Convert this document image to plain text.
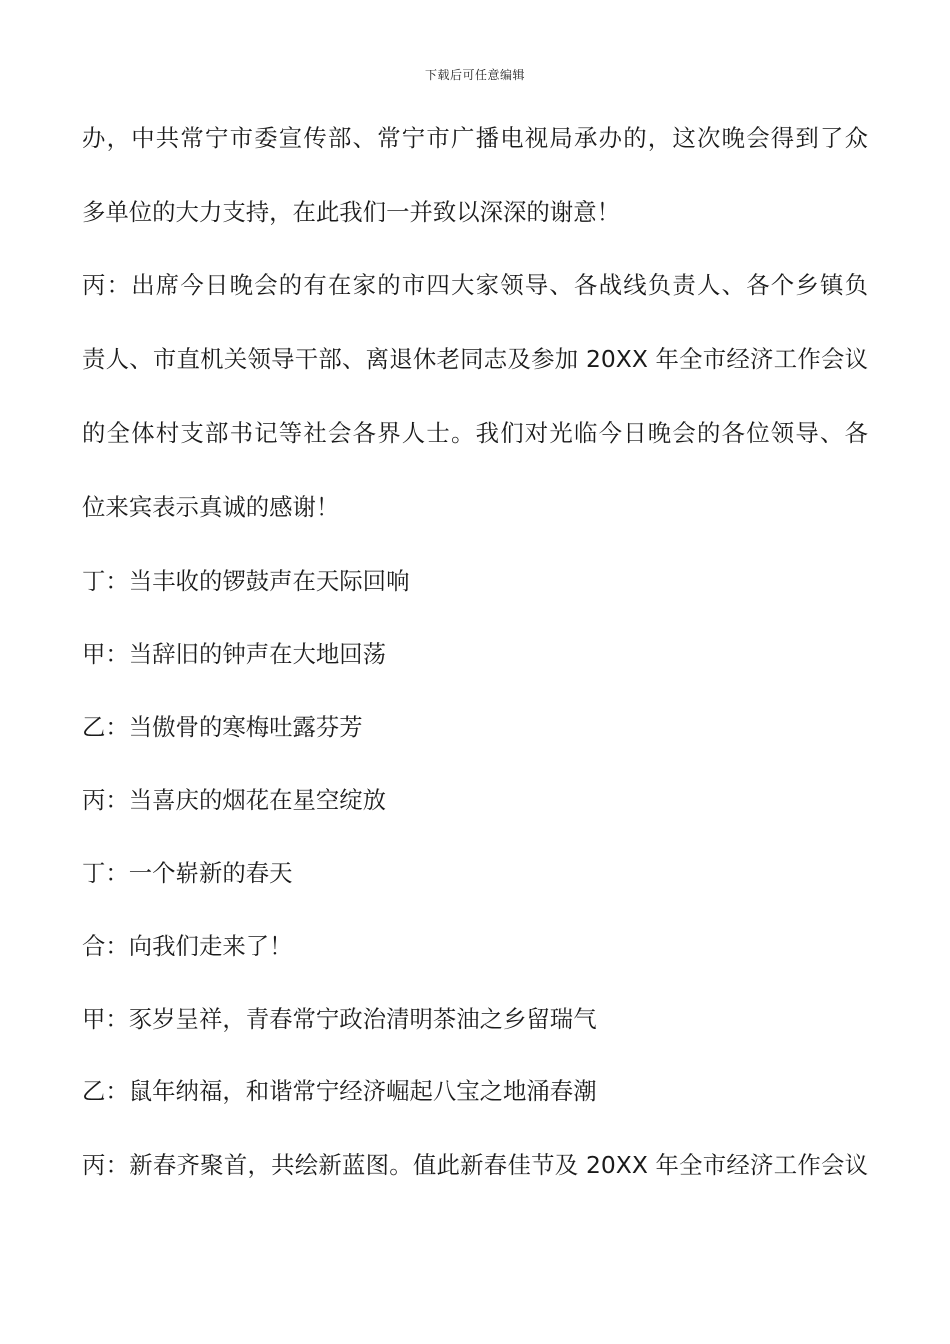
下载后可任意编辑
办，中共常宁市委宣传部、常宁市广播电视局承办的，这次晚会得到了众
多单位的大力支持，在此我们一并致以深深的谢意！
丙：出席今日晚会的有在家的市四大家领导、各战线负责人、各个乡镇负
责人、市直机关领导干部、离退休老同志及参加 20XX 年全市经济工作会议
的全体村支部书记等社会各界人士。我们对光临今日晚会的各位领导、各
位来宾表示真诚的感谢！
丁：当丰收的锣鼓声在天际回响
甲：当辞旧的钟声在大地回荡
乙：当傲骨的寒梅吐露芬芳
丙：当喜庆的烟花在星空绽放
丁：一个崭新的春天
合：向我们走来了！
甲：豕岁呈祥，青春常宁政治清明茶油之乡留瑞气
乙：鼠年纳福，和谐常宁经济崛起八宝之地涌春潮
丙：新春齐聚首，共绘新蓝图。值此新春佳节及 20XX 年全市经济工作会议
